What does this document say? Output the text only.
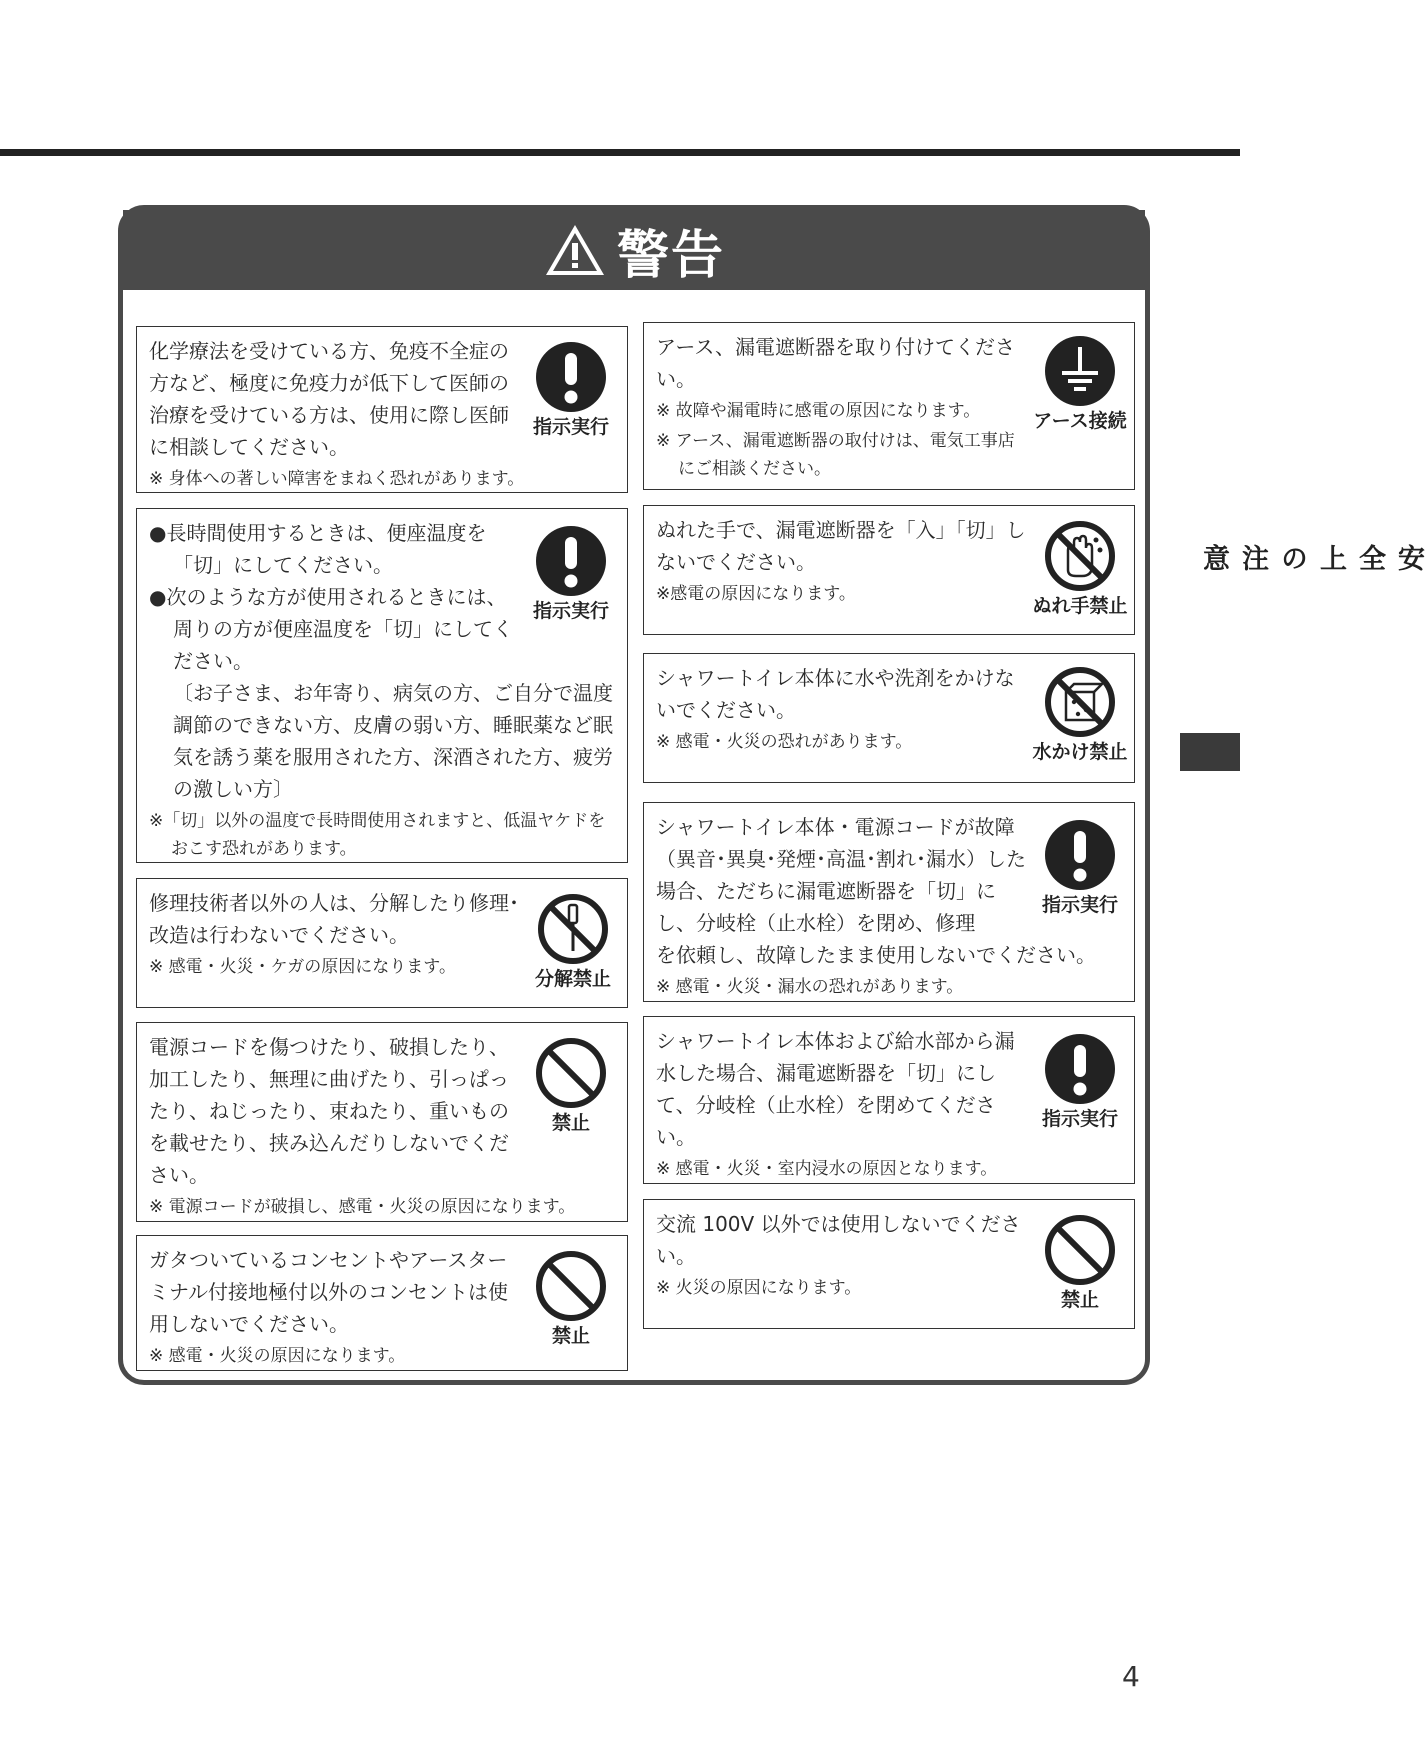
安全上の注意
警告

化学療法を受けている方、免疫不全症の方など、極度に免疫力が低下して医師の治療を受けている方は、使用に際し医師に相談してください。

※ 身体への著しい障害をまねく恐れがあります。

指示実行

●長時間使用するときは、便座温度を「切」にしてください。

●次のような方が使用されるときには、周りの方が便座温度を「切」にしてください。

〔お子さま、お年寄り、病気の方、ご自分で温度調節のできない方、皮膚の弱い方、睡眠薬など眠気を誘う薬を服用された方、深酒された方、疲労の激しい方〕

※「切」以外の温度で長時間使用されますと、低温ヤケドをおこす恐れがあります。

指示実行

修理技術者以外の人は、分解したり修理･改造は行わないでください。

※ 感電・火災・ケガの原因になります。

分解禁止

電源コードを傷つけたり、破損したり、加工したり、無理に曲げたり、引っぱったり、ねじったり、束ねたり、重いものを載せたり、挟み込んだりしないでください。

※ 電源コードが破損し、感電・火災の原因になります。

禁止

ガタついているコンセントやアースターミナル付接地極付以外のコンセントは使用しないでください。

※ 感電・火災の原因になります。

禁止

アース、漏電遮断器を取り付けてください。

※ 故障や漏電時に感電の原因になります。

※ アース、漏電遮断器の取付けは、電気工事店にご相談ください。

アース接続

ぬれた手で、漏電遮断器を「入」「切」しないでください。

※感電の原因になります。

ぬれ手禁止

シャワートイレ本体に水や洗剤をかけないでください。

※ 感電・火災の恐れがあります。	水かけ禁止

シャワートイレ本体・電源コードが故障（異音･異臭･発煙･高温･割れ･漏水）した場合、ただちに漏電遮断器を「切」にし、分岐栓（止水栓）を閉め、修理

を依頼し、故障したまま使用しないでください。

※ 感電・火災・漏水の恐れがあります。

指示実行

シャワートイレ本体および給水部から漏水した場合、漏電遮断器を「切」にして、分岐栓（止水栓）を閉めてください。

※ 感電・火災・室内浸水の原因となります。

指示実行

交流 100V 以外では使用しないでください。

※ 火災の原因になります。

禁止
4
